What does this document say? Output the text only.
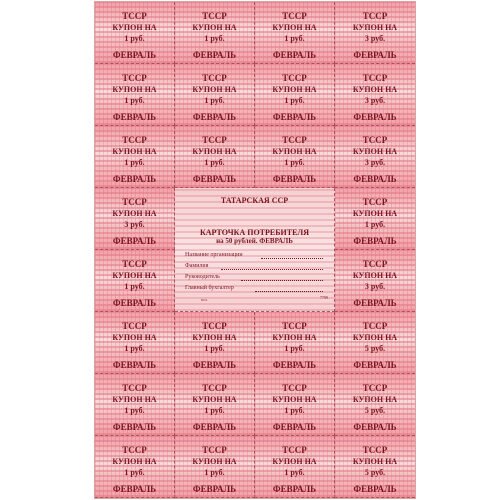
ТССР
КУПОН НА
1 руб.
ФЕВРАЛЬ
ТССР
КУПОН НА
1 руб.
ФЕВРАЛЬ
ТССР
КУПОН НА
1 руб.
ФЕВРАЛЬ
ТССР
КУПОН НА
3 руб.
ФЕВРАЛЬ
ТССР
КУПОН НА
1 руб.
ФЕВРАЛЬ
ТССР
КУПОН НА
1 руб.
ФЕВРАЛЬ
ТССР
КУПОН НА
1 руб.
ФЕВРАЛЬ
ТССР
КУПОН НА
3 руб.
ФЕВРАЛЬ
ТССР
КУПОН НА
1 руб.
ФЕВРАЛЬ
ТССР
КУПОН НА
1 руб.
ФЕВРАЛЬ
ТССР
КУПОН НА
1 руб.
ФЕВРАЛЬ
ТССР
КУПОН НА
3 руб.
ФЕВРАЛЬ
ТССР
КУПОН НА
3 руб.
ФЕВРАЛЬ
ТССР
КУПОН НА
1 руб.
ФЕВРАЛЬ
ТССР
КУПОН НА
1 руб.
ФЕВРАЛЬ
ТССР
КУПОН НА
3 руб.
ФЕВРАЛЬ
ТССР
КУПОН НА
1 руб.
ФЕВРАЛЬ
ТССР
КУПОН НА
1 руб.
ФЕВРАЛЬ
ТССР
КУПОН НА
1 руб.
ФЕВРАЛЬ
ТССР
КУПОН НА
5 руб.
ФЕВРАЛЬ
ТССР
КУПОН НА
1 руб.
ФЕВРАЛЬ
ТССР
КУПОН НА
1 руб.
ФЕВРАЛЬ
ТССР
КУПОН НА
1 руб.
ФЕВРАЛЬ
ТССР
КУПОН НА
5 руб.
ФЕВРАЛЬ
ТССР
КУПОН НА
1 руб.
ФЕВРАЛЬ
ТССР
КУПОН НА
1 руб.
ФЕВРАЛЬ
ТССР
КУПОН НА
1 руб.
ФЕВРАЛЬ
ТССР
КУПОН НА
5 руб.
ФЕВРАЛЬ
ТАТАРСКАЯ ССР
КАРТОЧКА ПОТРЕБИТЕЛЯ
на 50 рублей. ФЕВРАЛЬ
Название организации
Фамилия
Руководитель
Главный бухгалтер
м.п.	7799
